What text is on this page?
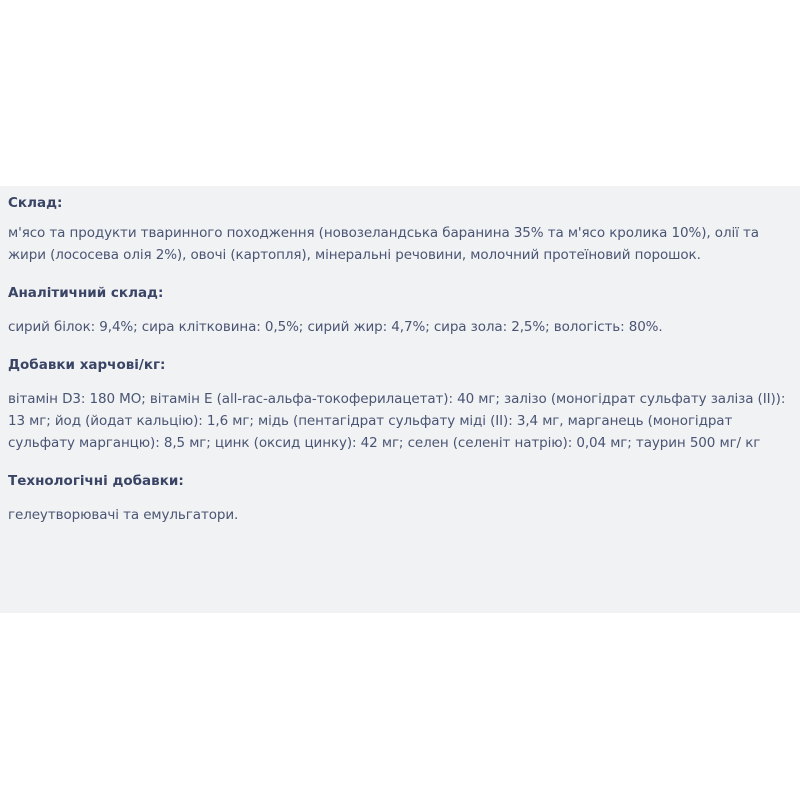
Склад:

м'ясо та продукти тваринного походження (новозеландська баранина 35% та м'ясо кролика 10%), олії та жири (лососева олія 2%), овочі (картопля), мінеральні речовини, молочний протеїновий порошок.

Аналітичний склад:

сирий білок: 9,4%; сира клітковина: 0,5%; сирий жир: 4,7%; сира зола: 2,5%; вологість: 80%.

Добавки харчові/кг:

вітамін D3: 180 МО; вітамін Е (all-rac-альфа-токоферилацетат): 40 мг; залізо (моногідрат сульфату заліза (II)): 13 мг; йод (йодат кальцію): 1,6 мг; мідь (пентагідрат сульфату міді (II): 3,4 мг, марганець (моногідрат сульфату марганцю): 8,5 мг; цинк (оксид цинку): 42 мг; селен (селеніт натрію): 0,04 мг; таурин 500 мг/ кг

Технологічні добавки:

гелеутворювачі та емульгатори.
